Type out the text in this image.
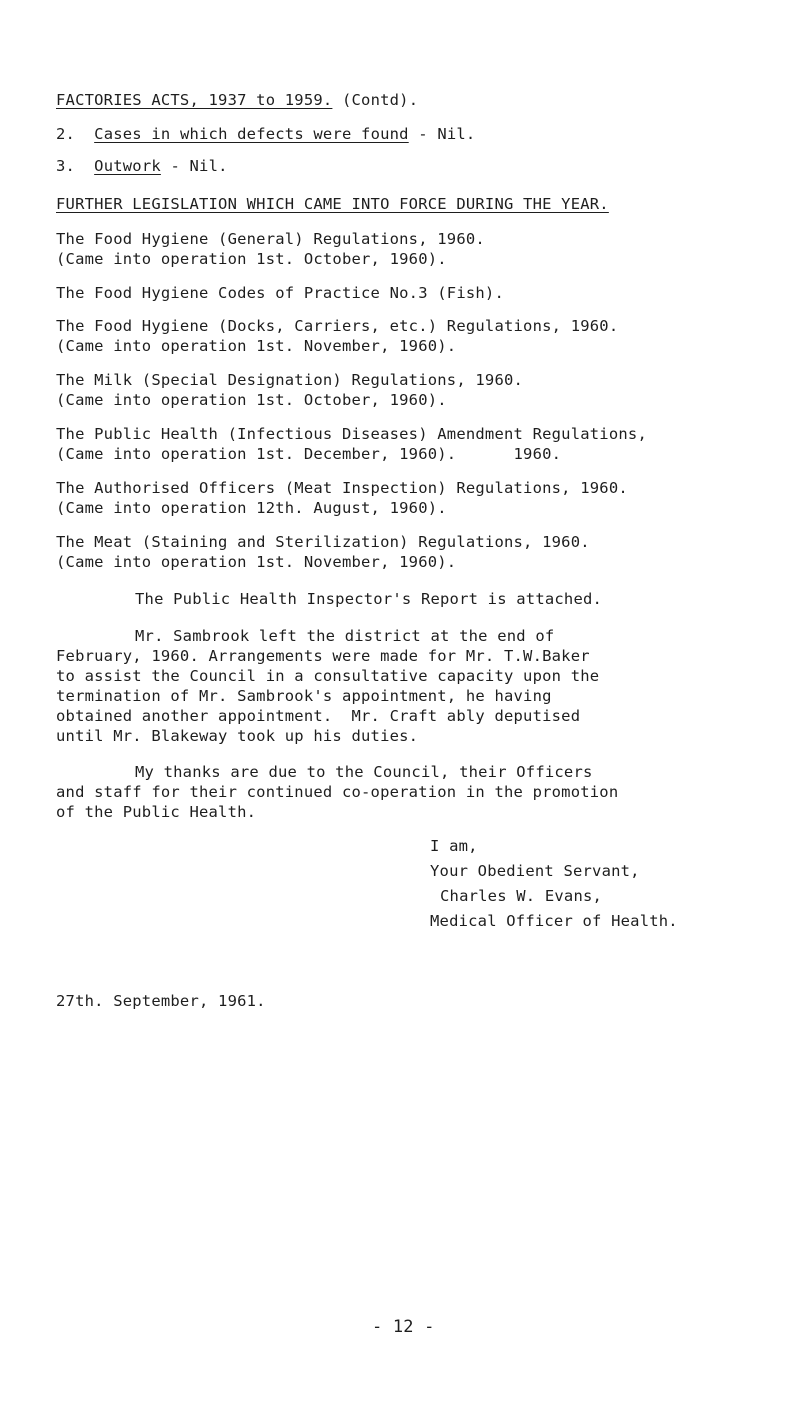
FACTORIES ACTS, 1937 to 1959. (Contd).
2. Cases in which defects were found - Nil.
3. Outwork - Nil.
FURTHER LEGISLATION WHICH CAME INTO FORCE DURING THE YEAR.
The Food Hygiene (General) Regulations, 1960.
(Came into operation 1st. October, 1960).
The Food Hygiene Codes of Practice No.3 (Fish).
The Food Hygiene (Docks, Carriers, etc.) Regulations, 1960.
(Came into operation 1st. November, 1960).
The Milk (Special Designation) Regulations, 1960.
(Came into operation 1st. October, 1960).
The Public Health (Infectious Diseases) Amendment Regulations,
(Came into operation 1st. December, 1960).      1960.
The Authorised Officers (Meat Inspection) Regulations, 1960.
(Came into operation 12th. August, 1960).
The Meat (Staining and Sterilization) Regulations, 1960.
(Came into operation 1st. November, 1960).
The Public Health Inspector's Report is attached.
Mr. Sambrook left the district at the end of
February, 1960. Arrangements were made for Mr. T.W.Baker
to assist the Council in a consultative capacity upon the
termination of Mr. Sambrook's appointment, he having
obtained another appointment.  Mr. Craft ably deputised
until Mr. Blakeway took up his duties.
My thanks are due to the Council, their Officers
and staff for their continued co-operation in the promotion
of the Public Health.
I am,
Your Obedient Servant,
Charles W. Evans,
Medical Officer of Health.
27th. September, 1961.
- 12 -
